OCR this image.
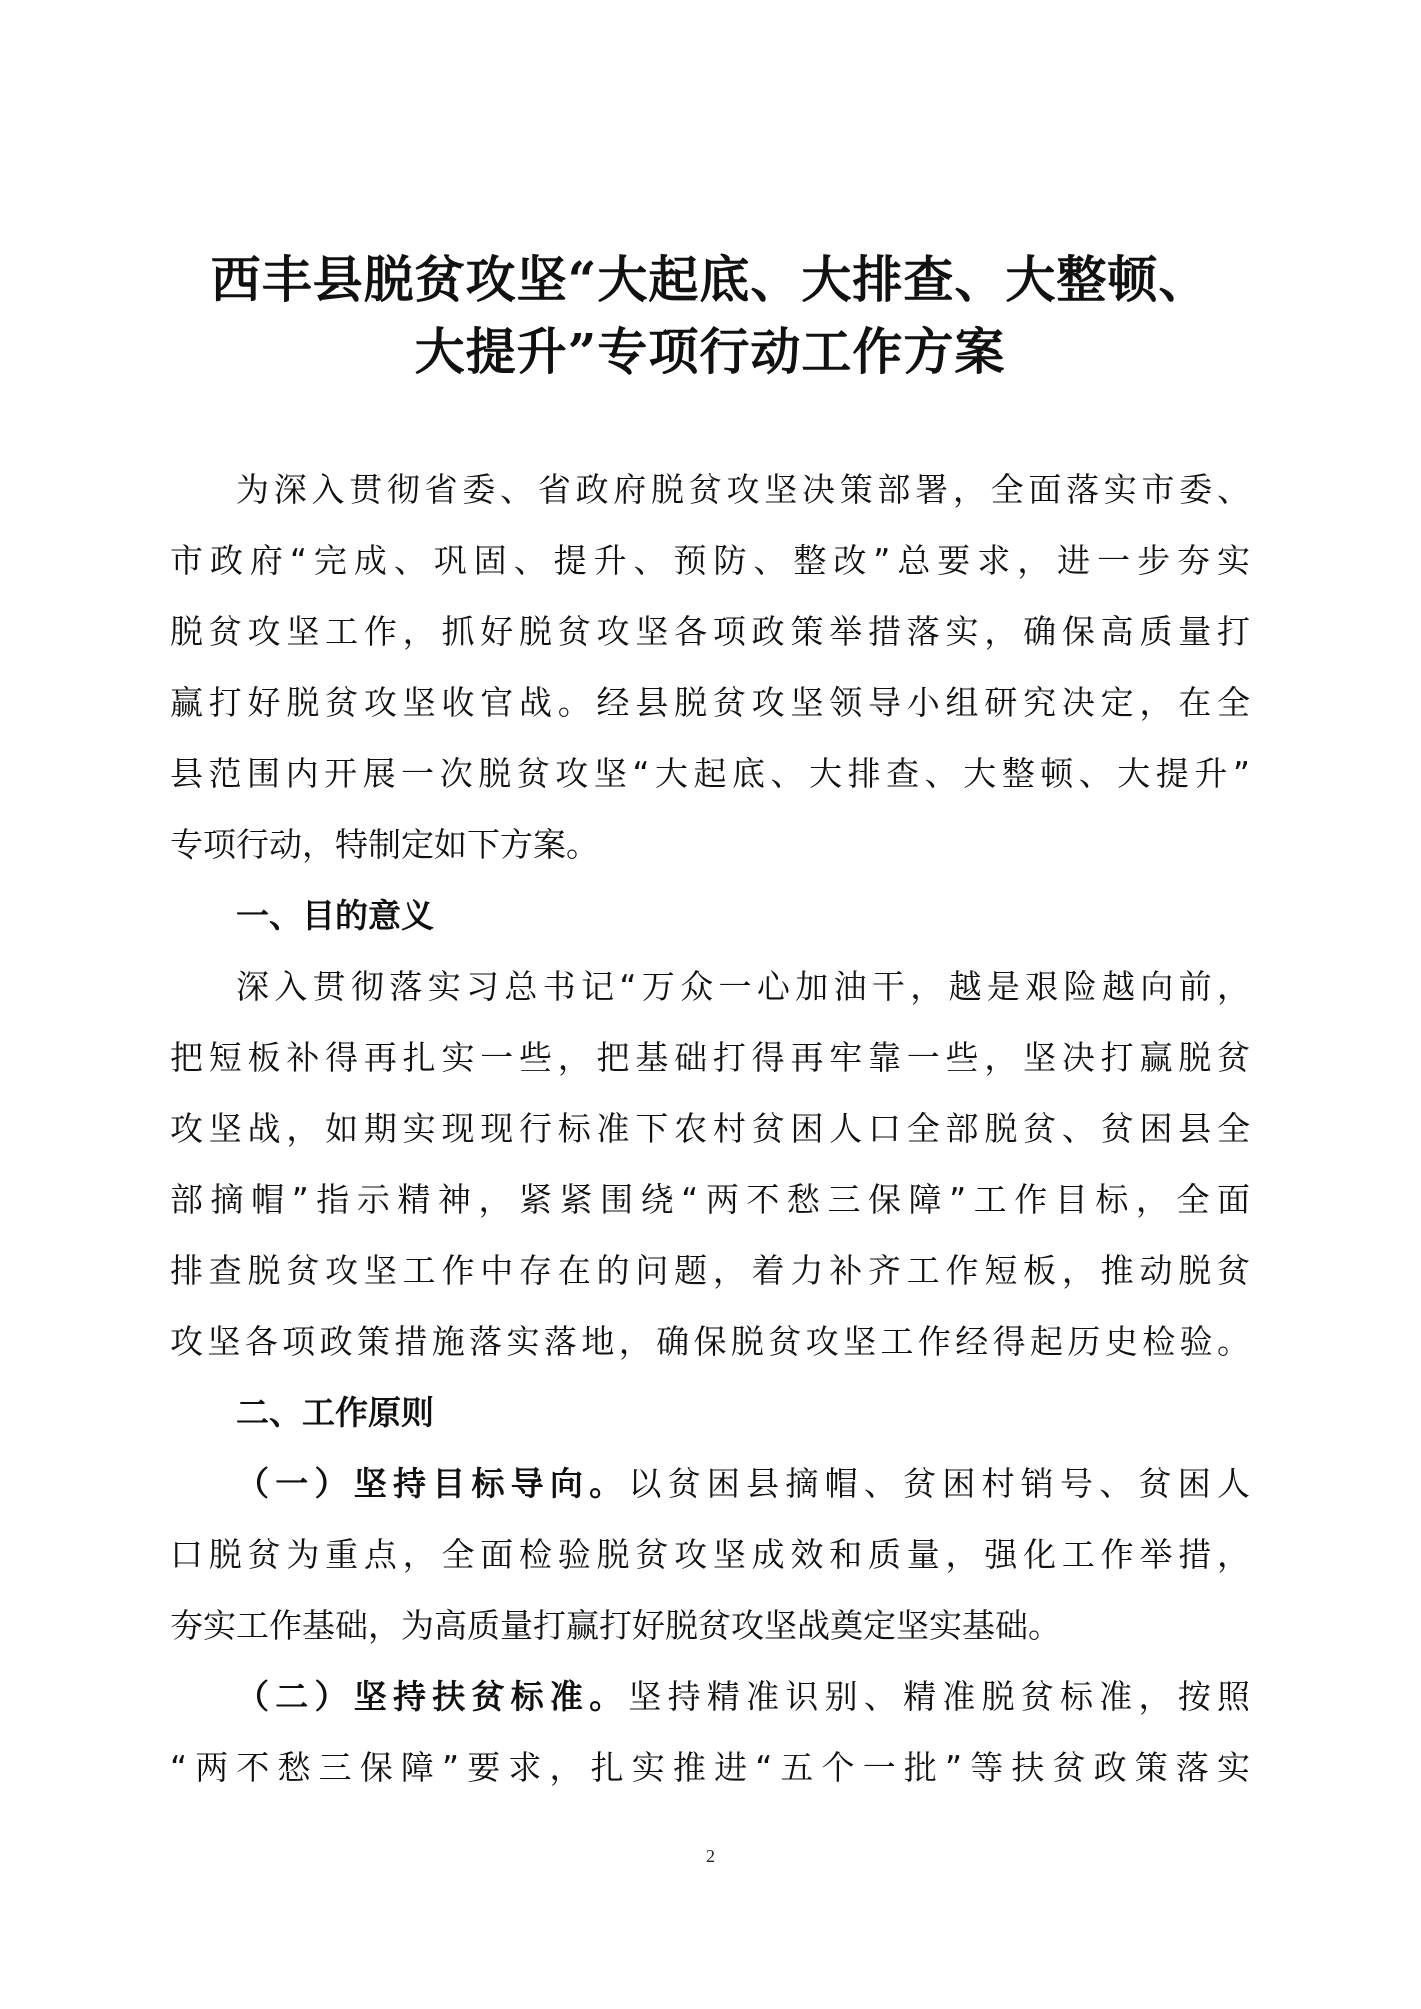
西丰县脱贫攻坚“大起底、大排查、大整顿、
大提升”专项行动工作方案
为深入贯彻省委、省政府脱贫攻坚决策部署，全面落实市委、
市政府“完成、巩固、提升、预防、整改”总要求，进一步夯实
脱贫攻坚工作，抓好脱贫攻坚各项政策举措落实，确保高质量打
赢打好脱贫攻坚收官战。经县脱贫攻坚领导小组研究决定，在全
县范围内开展一次脱贫攻坚“大起底、大排查、大整顿、大提升”
专项行动，特制定如下方案。
一、目的意义
深入贯彻落实习总书记“万众一心加油干，越是艰险越向前，
把短板补得再扎实一些，把基础打得再牢靠一些，坚决打赢脱贫
攻坚战，如期实现现行标准下农村贫困人口全部脱贫、贫困县全
部摘帽”指示精神，紧紧围绕“两不愁三保障”工作目标，全面
排查脱贫攻坚工作中存在的问题，着力补齐工作短板，推动脱贫
攻坚各项政策措施落实落地，确保脱贫攻坚工作经得起历史检验。
二、工作原则
（一）坚持目标导向。以贫困县摘帽、贫困村销号、贫困人
口脱贫为重点，全面检验脱贫攻坚成效和质量，强化工作举措，
夯实工作基础，为高质量打赢打好脱贫攻坚战奠定坚实基础。
（二）坚持扶贫标准。坚持精准识别、精准脱贫标准，按照
“两不愁三保障”要求，扎实推进“五个一批”等扶贫政策落实
2
